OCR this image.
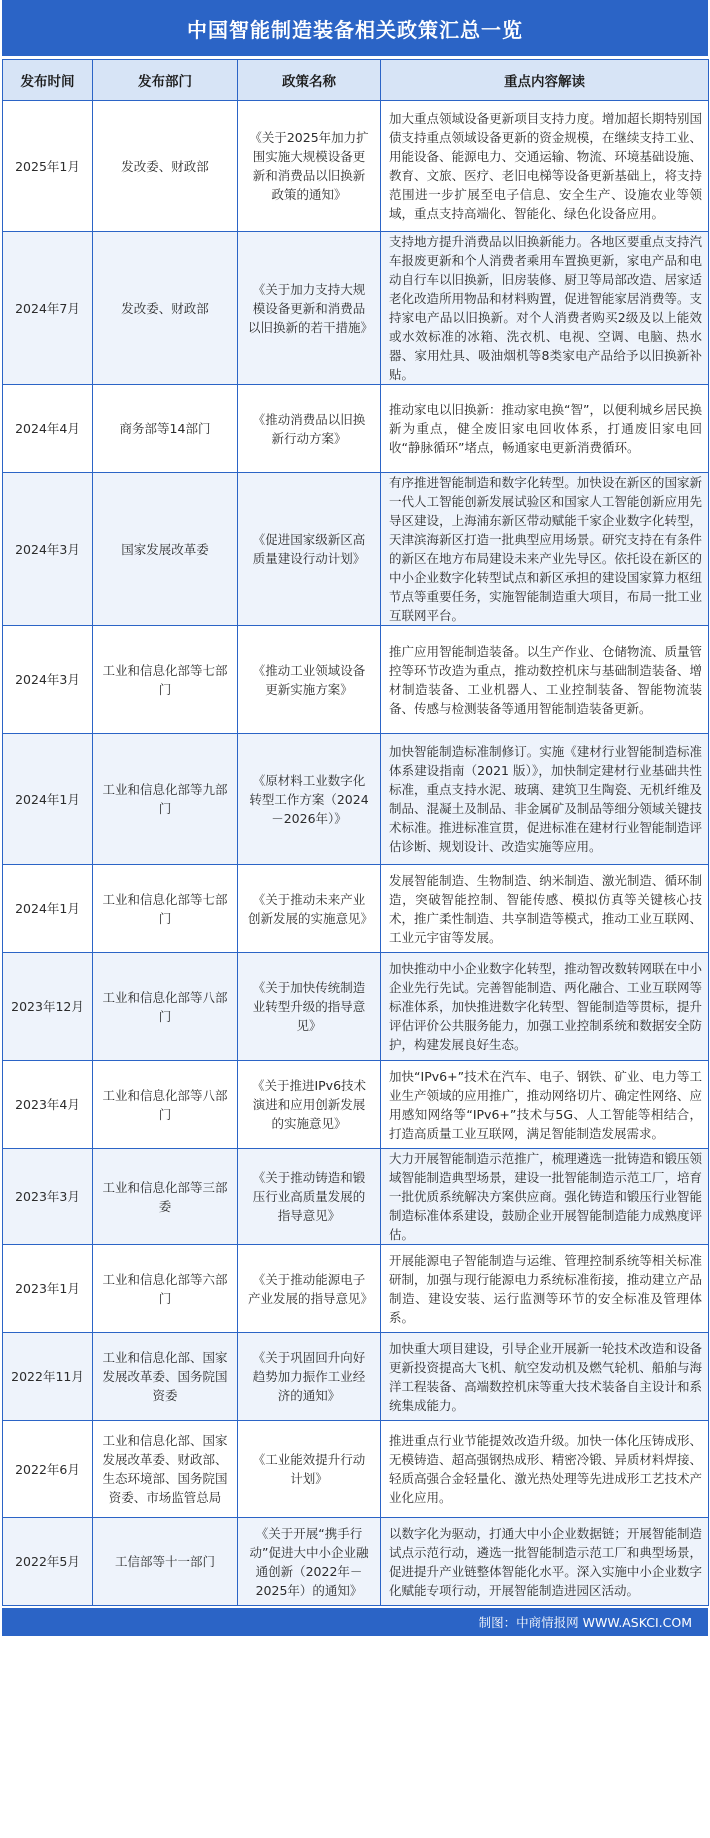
中国智能制造装备相关政策汇总一览
发布时间	发布部门	政策名称	重点内容解读
2025年1月	发改委、财政部	《关于2025年加力扩围实施大规模设备更新和消费品以旧换新政策的通知》	加大重点领域设备更新项目支持力度。增加超长期特别国债支持重点领域设备更新的资金规模，在继续支持工业、用能设备、能源电力、交通运输、物流、环境基础设施、教育、文旅、医疗、老旧电梯等设备更新基础上，将支持范围进一步扩展至电子信息、安全生产、设施农业等领域，重点支持高端化、智能化、绿色化设备应用。
2024年7月	发改委、财政部	《关于加力支持大规模设备更新和消费品以旧换新的若干措施》	支持地方提升消费品以旧换新能力。各地区要重点支持汽车报废更新和个人消费者乘用车置换更新，家电产品和电动自行车以旧换新，旧房装修、厨卫等局部改造、居家适老化改造所用物品和材料购置，促进智能家居消费等。支持家电产品以旧换新。对个人消费者购买2级及以上能效或水效标准的冰箱、洗衣机、电视、空调、电脑、热水器、家用灶具、吸油烟机等8类家电产品给予以旧换新补贴。
2024年4月	商务部等14部门	《推动消费品以旧换新行动方案》	推动家电以旧换新：推动家电换“智”，以便利城乡居民换新为重点，健全废旧家电回收体系，打通废旧家电回收“静脉循环”堵点，畅通家电更新消费循环。
2024年3月	国家发展改革委	《促进国家级新区高质量建设行动计划》	有序推进智能制造和数字化转型。加快设在新区的国家新一代人工智能创新发展试验区和国家人工智能创新应用先导区建设，上海浦东新区带动赋能千家企业数字化转型，天津滨海新区打造一批典型应用场景。研究支持在有条件的新区在地方布局建设未来产业先导区。依托设在新区的中小企业数字化转型试点和新区承担的建设国家算力枢纽节点等重要任务，实施智能制造重大项目，布局一批工业互联网平台。
2024年3月	工业和信息化部等七部门	《推动工业领域设备更新实施方案》	推广应用智能制造装备。以生产作业、仓储物流、质量管控等环节改造为重点，推动数控机床与基础制造装备、增材制造装备、工业机器人、工业控制装备、智能物流装备、传感与检测装备等通用智能制造装备更新。
2024年1月	工业和信息化部等九部门	《原材料工业数字化转型工作方案（2024－2026年）》	加快智能制造标准制修订。实施《建材行业智能制造标准体系建设指南（2021 版）》，加快制定建材行业基础共性标准，重点支持水泥、玻璃、建筑卫生陶瓷、无机纤维及制品、混凝土及制品、非金属矿及制品等细分领域关键技术标准。推进标准宣贯，促进标准在建材行业智能制造评估诊断、规划设计、改造实施等应用。
2024年1月	工业和信息化部等七部门	《关于推动未来产业创新发展的实施意见》	发展智能制造、生物制造、纳米制造、激光制造、循环制造，突破智能控制、智能传感、模拟仿真等关键核心技术，推广柔性制造、共享制造等模式，推动工业互联网、工业元宇宙等发展。
2023年12月	工业和信息化部等八部门	《关于加快传统制造业转型升级的指导意见》	加快推动中小企业数字化转型，推动智改数转网联在中小企业先行先试。完善智能制造、两化融合、工业互联网等标准体系，加快推进数字化转型、智能制造等贯标，提升评估评价公共服务能力，加强工业控制系统和数据安全防护，构建发展良好生态。
2023年4月	工业和信息化部等八部门	《关于推进IPv6技术演进和应用创新发展的实施意见》	加快“IPv6+”技术在汽车、电子、钢铁、矿业、电力等工业生产领域的应用推广，推动网络切片、确定性网络、应用感知网络等“IPv6+”技术与5G、人工智能等相结合，打造高质量工业互联网，满足智能制造发展需求。
2023年3月	工业和信息化部等三部委	《关于推动铸造和锻压行业高质量发展的指导意见》	大力开展智能制造示范推广，梳理遴选一批铸造和锻压领域智能制造典型场景，建设一批智能制造示范工厂，培育一批优质系统解决方案供应商。强化铸造和锻压行业智能制造标准体系建设，鼓励企业开展智能制造能力成熟度评估。
2023年1月	工业和信息化部等六部门	《关于推动能源电子产业发展的指导意见》	开展能源电子智能制造与运维、管理控制系统等相关标准研制，加强与现行能源电力系统标准衔接，推动建立产品制造、建设安装、运行监测等环节的安全标准及管理体系。
2022年11月	工业和信息化部、国家发展改革委、国务院国资委	《关于巩固回升向好趋势加力振作工业经济的通知》	加快重大项目建设，引导企业开展新一轮技术改造和设备更新投资提高大飞机、航空发动机及燃气轮机、船舶与海洋工程装备、高端数控机床等重大技术装备自主设计和系统集成能力。
2022年6月	工业和信息化部、国家发展改革委、财政部、生态环境部、国务院国资委、市场监管总局	《工业能效提升行动计划》	推进重点行业节能提效改造升级。加快一体化压铸成形、无模铸造、超高强钢热成形、精密冷锻、异质材料焊接、轻质高强合金轻量化、激光热处理等先进成形工艺技术产业化应用。
2022年5月	工信部等十一部门	《关于开展“携手行动”促进大中小企业融通创新（2022年－2025年）的通知》	以数字化为驱动，打通大中小企业数据链；开展智能制造试点示范行动，遴选一批智能制造示范工厂和典型场景，促进提升产业链整体智能化水平。深入实施中小企业数字化赋能专项行动，开展智能制造进园区活动。
制图：中商情报网 WWW.ASKCI.COM
